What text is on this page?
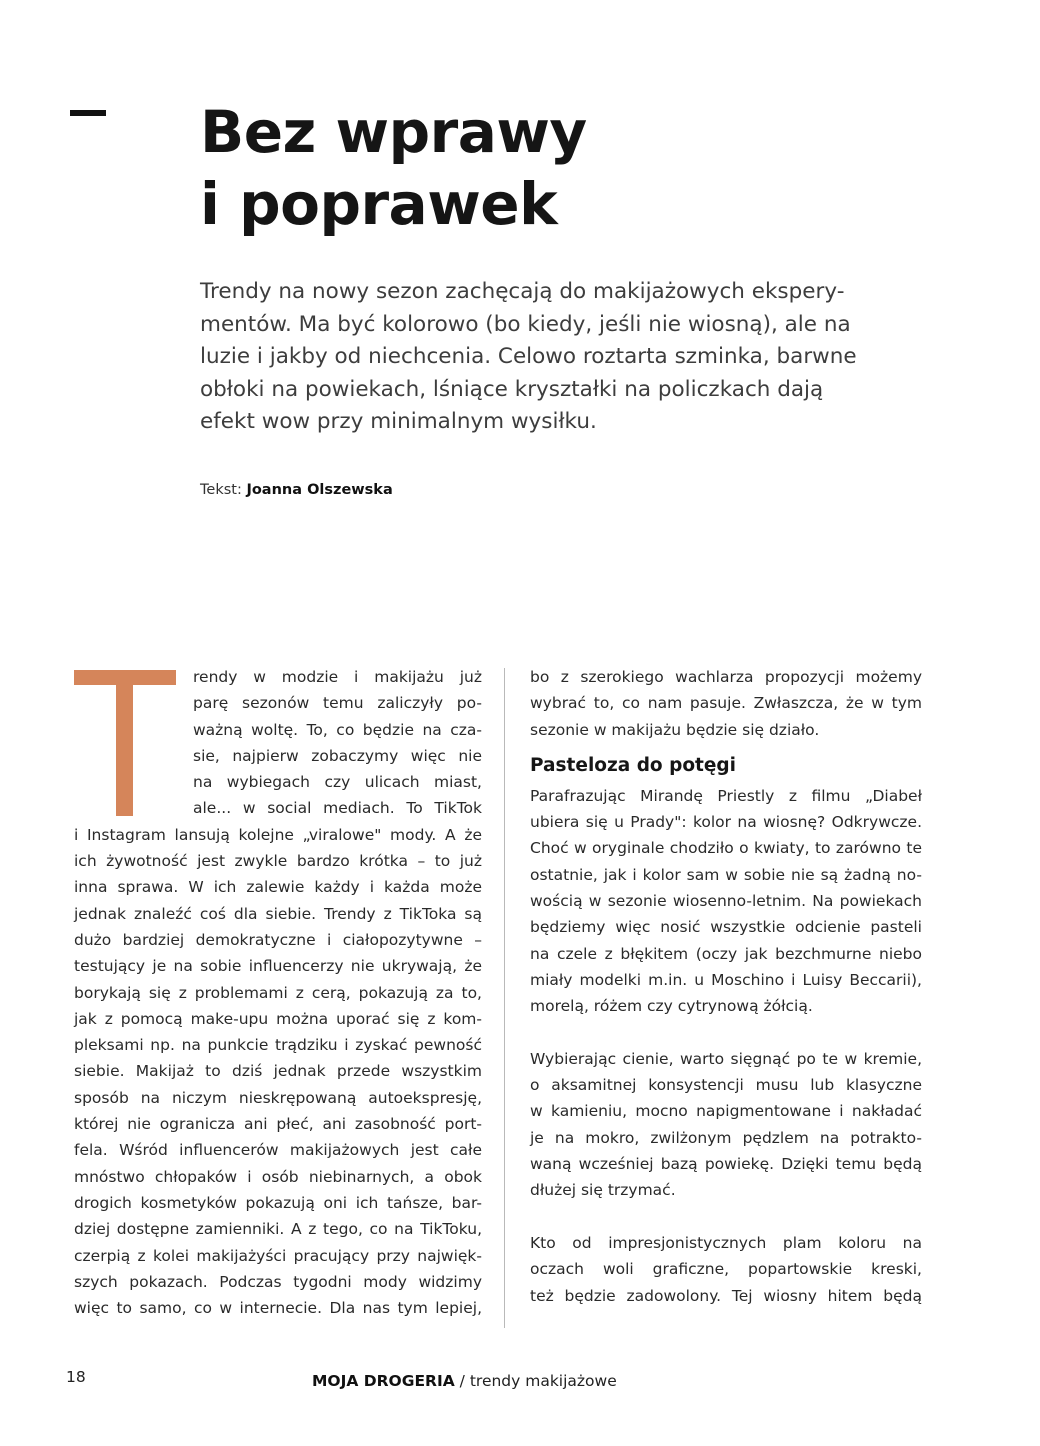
Bez wprawy
i poprawek
Trendy na nowy sezon zachęcają do makijażowych ekspery-
mentów. Ma być kolorowo (bo kiedy, jeśli nie wiosną), ale na
luzie i jakby od niechcenia. Celowo roztarta szminka, barwne
obłoki na powiekach, lśniące kryształki na policzkach dają
efekt wow przy minimalnym wysiłku.
Tekst: Joanna Olszewska
rendy w modzie i makijażu już
parę sezonów temu zaliczyły po-
ważną woltę. To, co będzie na cza-
sie, najpierw zobaczymy więc nie
na wybiegach czy ulicach miast,
ale... w social mediach. To TikTok
i Instagram lansują kolejne „viralowe" mody. A że
ich żywotność jest zwykle bardzo krótka – to już
inna sprawa. W ich zalewie każdy i każda może
jednak znaleźć coś dla siebie. Trendy z TikToka są
dużo bardziej demokratyczne i ciałopozytywne –
testujący je na sobie influencerzy nie ukrywają, że
borykają się z problemami z cerą, pokazują za to,
jak z pomocą make-upu można uporać się z kom-
pleksami np. na punkcie trądziku i zyskać pewność
siebie. Makijaż to dziś jednak przede wszystkim
sposób na niczym nieskrępowaną autoekspresję,
której nie ogranicza ani płeć, ani zasobność port-
fela. Wśród influencerów makijażowych jest całe
mnóstwo chłopaków i osób niebinarnych, a obok
drogich kosmetyków pokazują oni ich tańsze, bar-
dziej dostępne zamienniki. A z tego, co na TikToku,
czerpią z kolei makijażyści pracujący przy najwięk-
szych pokazach. Podczas tygodni mody widzimy
więc to samo, co w internecie. Dla nas tym lepiej,
bo z szerokiego wachlarza propozycji możemy
wybrać to, co nam pasuje. Zwłaszcza, że w tym
sezonie w makijażu będzie się działo.
Pasteloza do potęgi
Parafrazując Mirandę Priestly z filmu „Diabeł
ubiera się u Prady": kolor na wiosnę? Odkrywcze.
Choć w oryginale chodziło o kwiaty, to zarówno te
ostatnie, jak i kolor sam w sobie nie są żadną no-
wością w sezonie wiosenno-letnim. Na powiekach
będziemy więc nosić wszystkie odcienie pasteli
na czele z błękitem (oczy jak bezchmurne niebo
miały modelki m.in. u Moschino i Luisy Beccarii),
morelą, różem czy cytrynową żółcią.
Wybierając cienie, warto sięgnąć po te w kremie,
o aksamitnej konsystencji musu lub klasyczne
w kamieniu, mocno napigmentowane i nakładać
je na mokro, zwilżonym pędzlem na potrakto-
waną wcześniej bazą powiekę. Dzięki temu będą
dłużej się trzymać.
Kto od impresjonistycznych plam koloru na
oczach woli graficzne, popartowskie kreski,
też będzie zadowolony. Tej wiosny hitem będą
18	MOJA DROGERIA / trendy makijażowe
